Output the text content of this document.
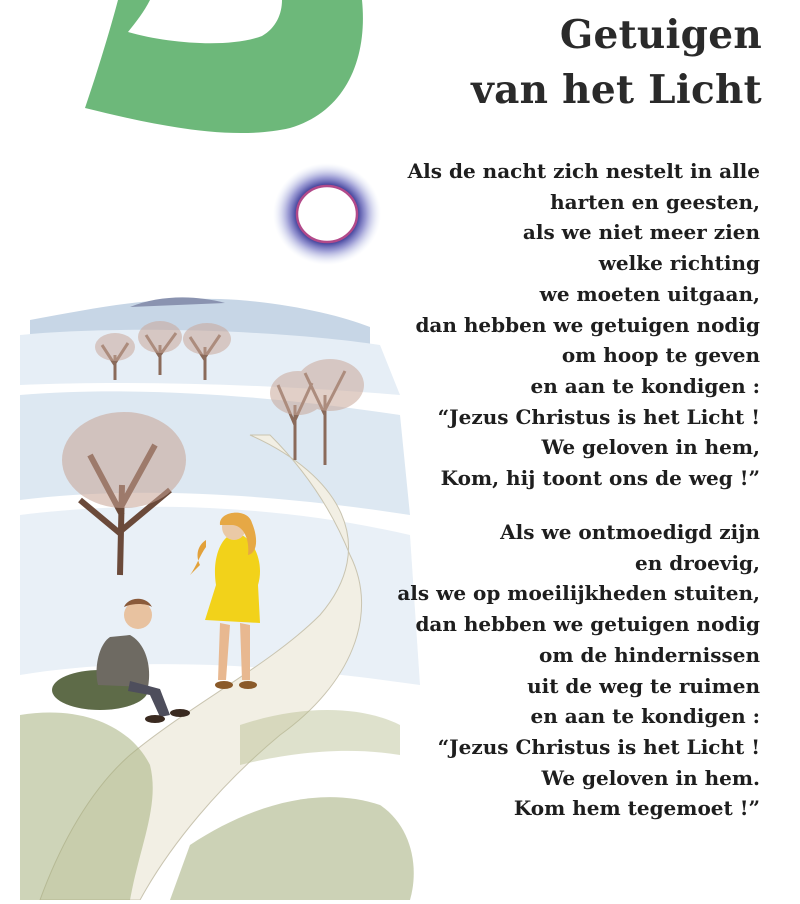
Getuigen
van het Licht

Als de nacht zich nestelt in alle
harten en geesten,
als we niet meer zien
welke richting
we moeten uitgaan,
dan hebben we getuigen nodig
om hoop te geven
en aan te kondigen :
“Jezus Christus is het Licht !
We geloven in hem,
Kom, hij toont ons de weg !”

Als we ontmoedigd zijn
en droevig,
als we op moeilijkheden stuiten,
dan hebben we getuigen nodig
om de hindernissen
uit de weg te ruimen
en aan te kondigen :
“Jezus Christus is het Licht !
We geloven in hem.
Kom hem tegemoet !”
